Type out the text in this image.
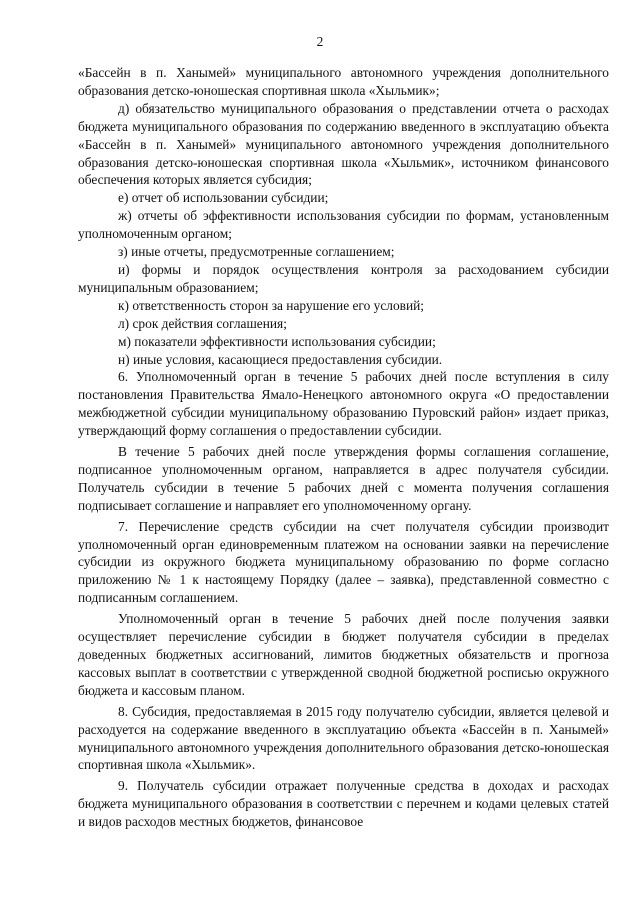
2

«Бассейн в п. Ханымей» муниципального автономного учреждения дополнительного образования детско-юношеская спортивная школа «Хыльмик»;

д) обязательство муниципального образования о представлении отчета о расходах бюджета муниципального образования по содержанию введенного в эксплуатацию объекта «Бассейн в п. Ханымей» муниципального автономного учреждения дополнительного образования детско-юношеская спортивная школа «Хыльмик», источником финансового обеспечения которых является субсидия;

е) отчет об использовании субсидии;

ж) отчеты об эффективности использования субсидии по формам, установленным уполномоченным органом;

з) иные отчеты, предусмотренные соглашением;

и) формы и порядок осуществления контроля за расходованием субсидии муниципальным образованием;

к) ответственность сторон за нарушение его условий;

л) срок действия соглашения;

м) показатели эффективности использования субсидии;

н) иные условия, касающиеся предоставления субсидии.

6. Уполномоченный орган в течение 5 рабочих дней после вступления в силу постановления Правительства Ямало-Ненецкого автономного округа «О предоставлении межбюджетной субсидии муниципальному образованию Пуровский район» издает приказ, утверждающий форму соглашения о предоставлении субсидии.

В течение 5 рабочих дней после утверждения формы соглашения соглашение, подписанное уполномоченным органом, направляется в адрес получателя субсидии. Получатель субсидии в течение 5 рабочих дней с момента получения соглашения подписывает соглашение и направляет его уполномоченному органу.

7. Перечисление средств субсидии на счет получателя субсидии производит уполномоченный орган единовременным платежом на основании заявки на перечисление субсидии из окружного бюджета муниципальному образованию по форме согласно приложению № 1 к настоящему Порядку (далее – заявка), представленной совместно с подписанным соглашением.

Уполномоченный орган в течение 5 рабочих дней после получения заявки осуществляет перечисление субсидии в бюджет получателя субсидии в пределах доведенных бюджетных ассигнований, лимитов бюджетных обязательств и прогноза кассовых выплат в соответствии с утвержденной сводной бюджетной росписью окружного бюджета и кассовым планом.

8. Субсидия, предоставляемая в 2015 году получателю субсидии, является целевой и расходуется на содержание введенного в эксплуатацию объекта «Бассейн в п. Ханымей» муниципального автономного учреждения дополнительного образования детско-юношеская спортивная школа «Хыльмик».

9. Получатель субсидии отражает полученные средства в доходах и расходах бюджета муниципального образования в соответствии с перечнем и кодами целевых статей и видов расходов местных бюджетов, финансовое
